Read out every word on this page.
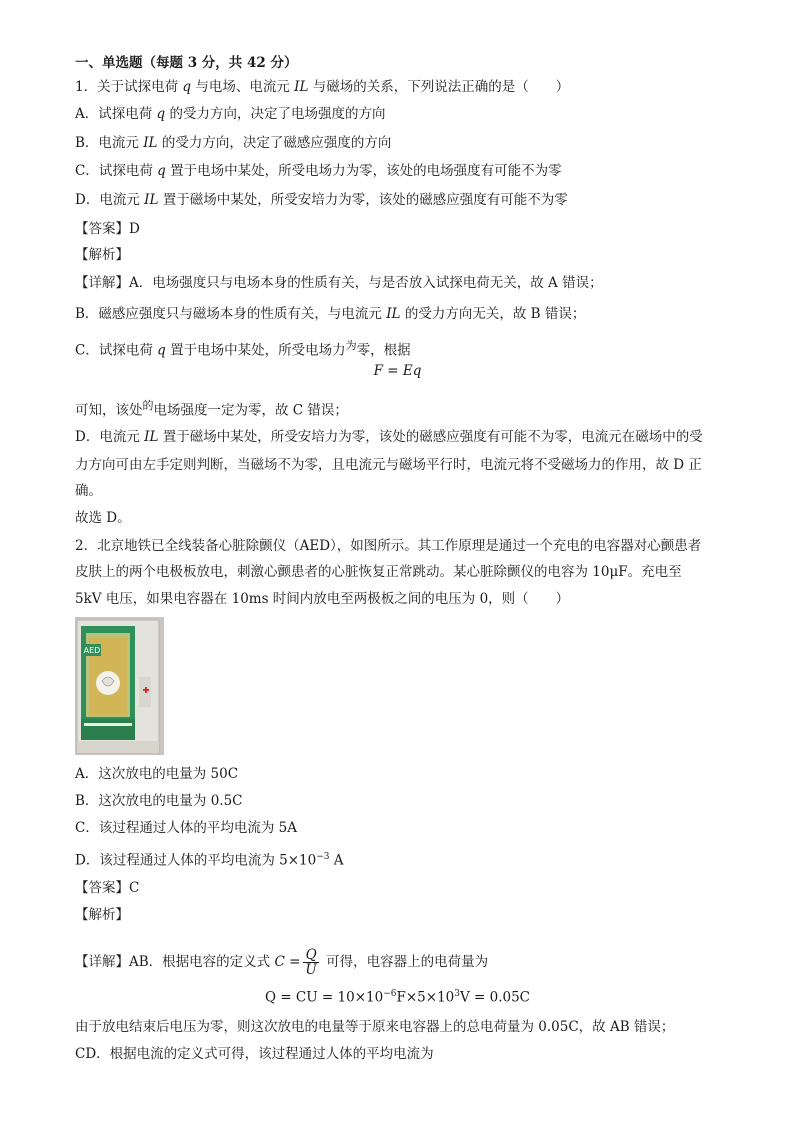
一、单选题（每题 3 分，共 42 分）
1．关于试探电荷 q 与电场、电流元 IL 与磁场的关系，下列说法正确的是（　　）
A．试探电荷 q 的受力方向，决定了电场强度的方向
B．电流元 IL 的受力方向，决定了磁感应强度的方向
C．试探电荷 q 置于电场中某处，所受电场力为零，该处的电场强度有可能不为零
D．电流元 IL 置于磁场中某处，所受安培力为零，该处的磁感应强度有可能不为零
【答案】D
【解析】
【详解】A．电场强度只与电场本身的性质有关，与是否放入试探电荷无关，故 A 错误；
B．磁感应强度只与磁场本身的性质有关，与电流元 IL 的受力方向无关，故 B 错误；
C．试探电荷 q 置于电场中某处，所受电场力$^为$零，根据
F = Eq
可知，该处$^的$电场强度一定为零，故 C 错误；
D．电流元 IL 置于磁场中某处，所受安培力为零，该处的磁感应强度有可能不为零，电流元在磁场中的受
力方向可由左手定则判断，当磁场不为零，且电流元与磁场平行时，电流元将不受磁场力的作用，故 D 正
确。
故选 D。
2．北京地铁已全线装备心脏除颤仪（AED），如图所示。其工作原理是通过一个充电的电容器对心颤患者
皮肤上的两个电极板放电，刺激心颤患者的心脏恢复正常跳动。某心脏除颤仪的电容为 10μF。充电至
5kV 电压，如果电容器在 10ms 时间内放电至两极板之间的电压为 0，则（　　）
AED
A．这次放电的电量为 50C
B．这次放电的电量为 0.5C
C．该过程通过人体的平均电流为 5A
D．该过程通过人体的平均电流为 $5\times 10^{-3}$ A
【答案】C
【解析】
【详解】AB．根据电容的定义式 $C = \frac{Q}{U}$ 可得，电容器上的电荷量为
Q = CU = $10\times 10^{-6}F\times 5\times 10^3V = 0.05C$
由于放电结束后电压为零，则这次放电的电量等于原来电容器上的总电荷量为 0.05C，故 AB 错误；
CD．根据电流的定义式可得，该过程通过人体的平均电流为
